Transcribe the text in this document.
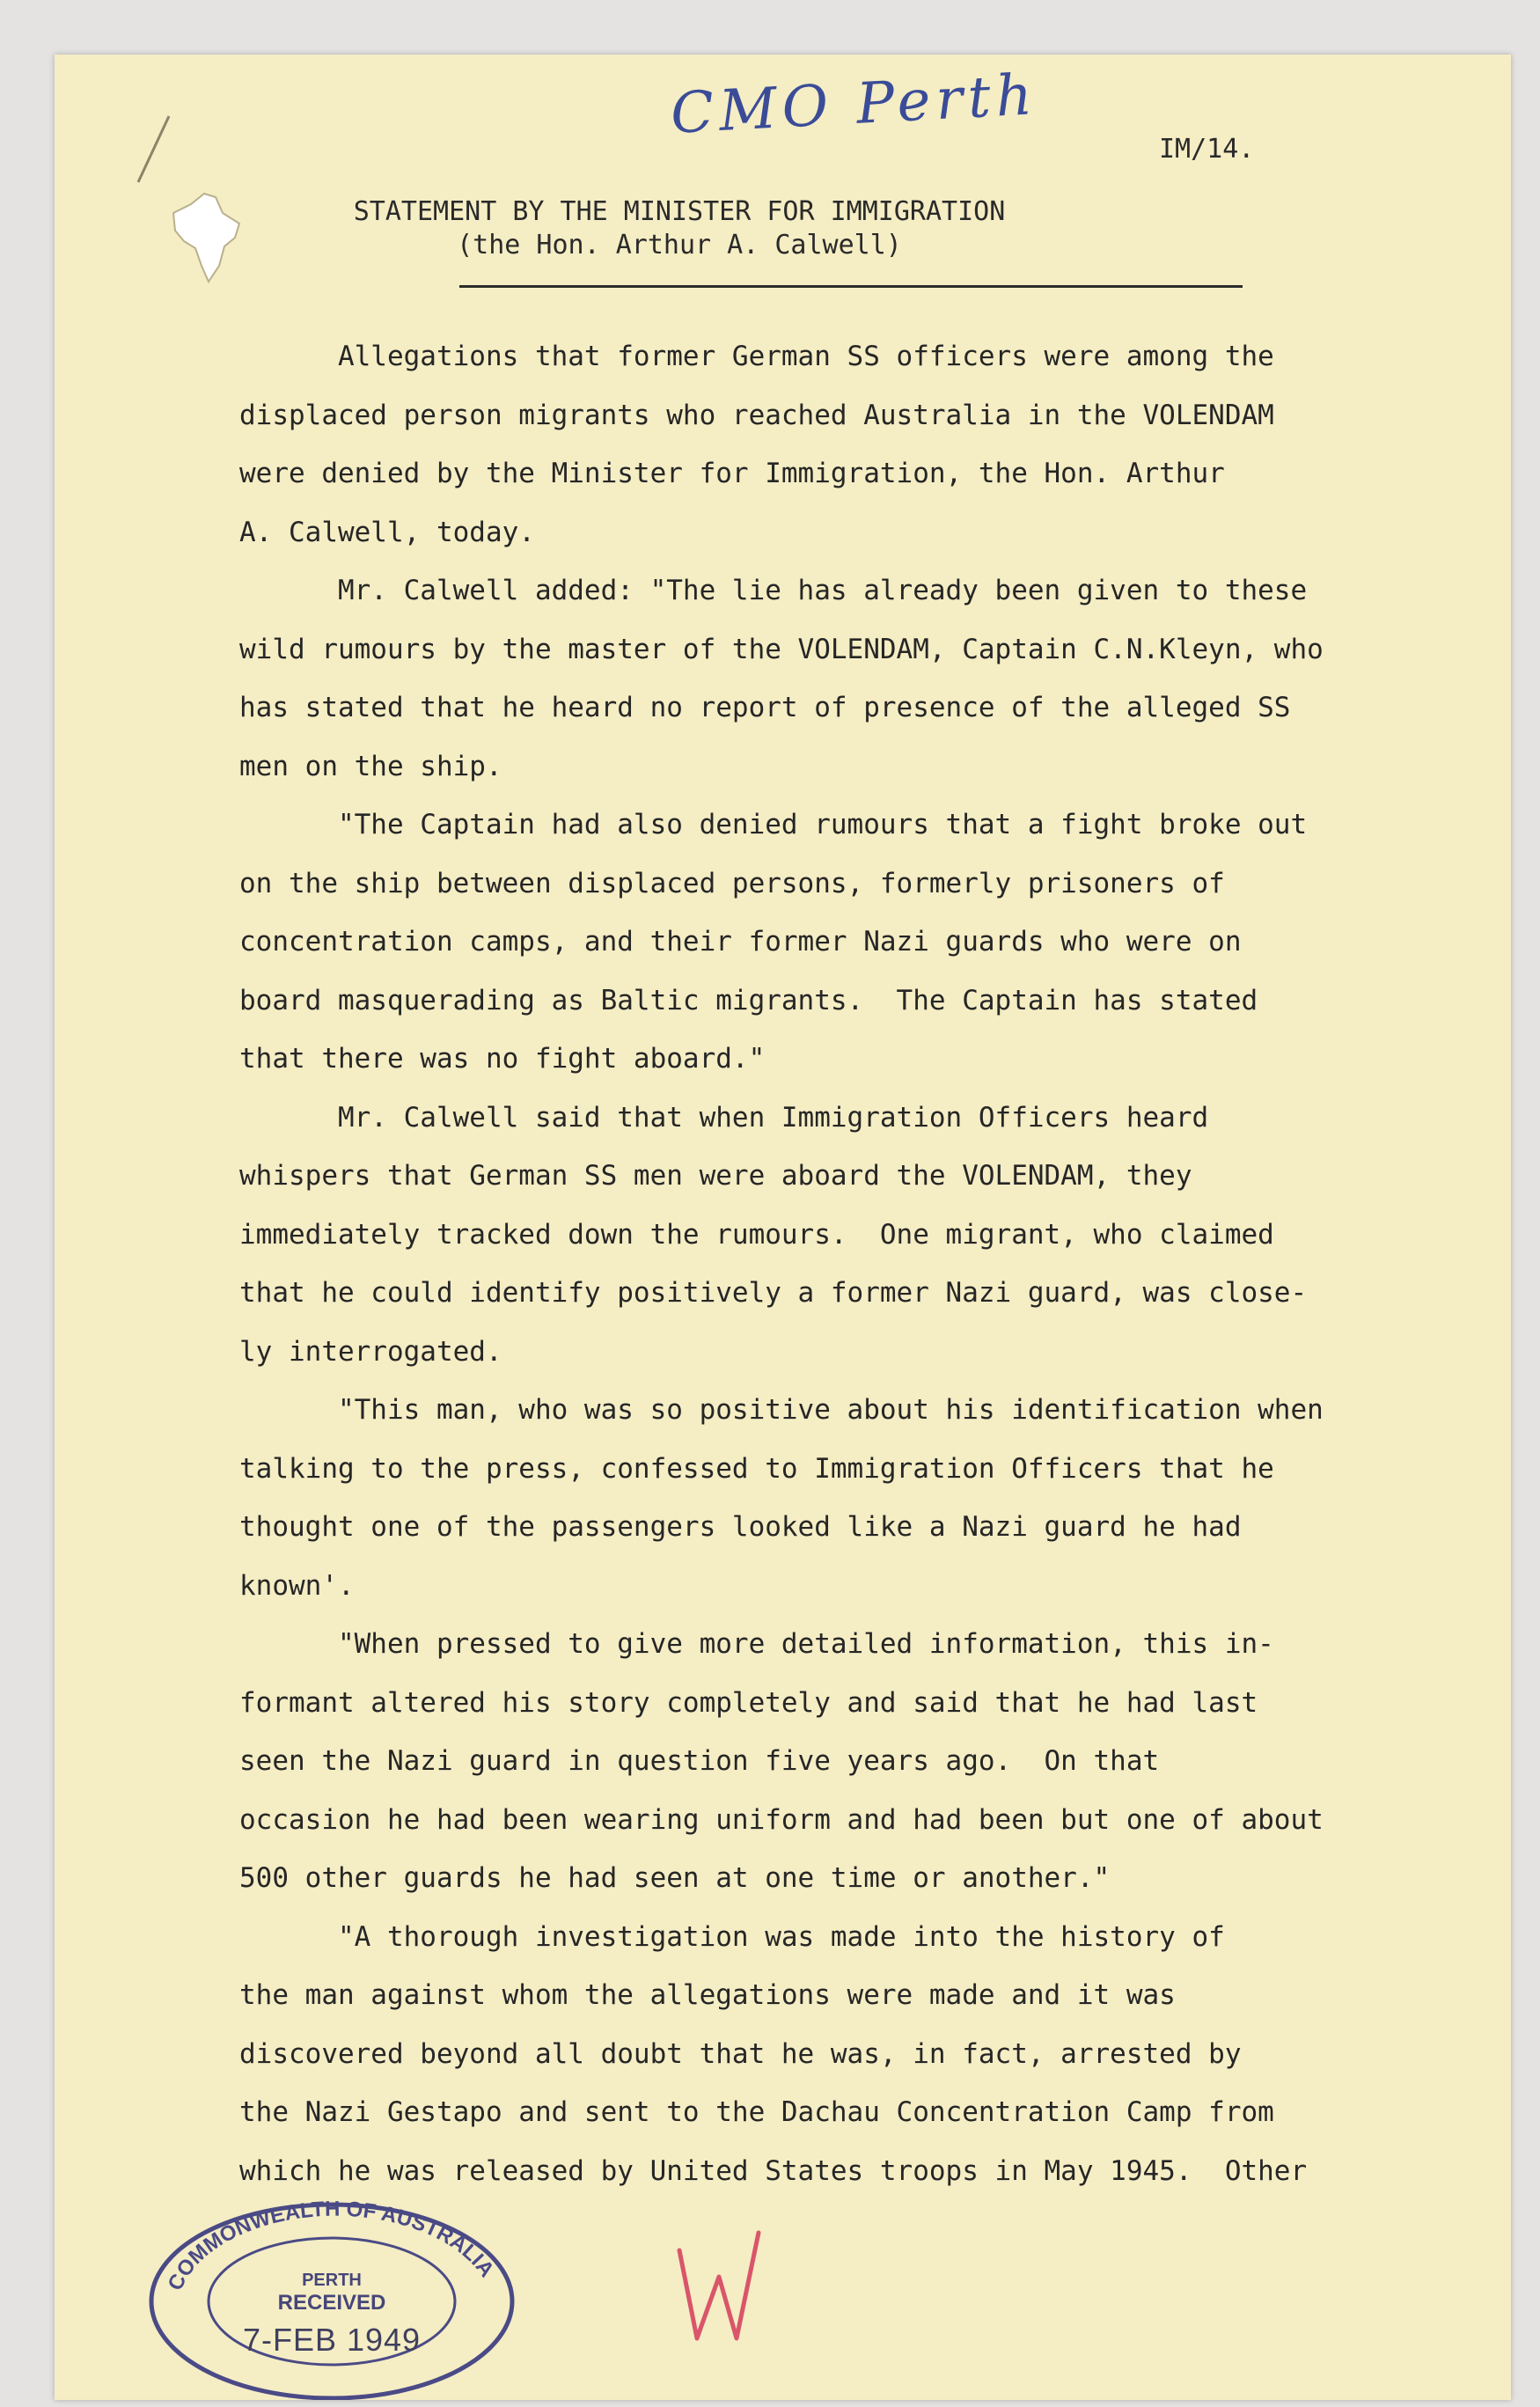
CMO Perth
IM/14.
STATEMENT BY THE MINISTER FOR IMMIGRATION
(the Hon. Arthur A. Calwell)
Allegations that former German SS officers were among the
displaced person migrants who reached Australia in the VOLENDAM
were denied by the Minister for Immigration, the Hon. Arthur
A. Calwell, today.
Mr. Calwell added: "The lie has already been given to these
wild rumours by the master of the VOLENDAM, Captain C.N.Kleyn, who
has stated that he heard no report of presence of the alleged SS
men on the ship.
"The Captain had also denied rumours that a fight broke out
on the ship between displaced persons, formerly prisoners of
concentration camps, and their former Nazi guards who were on
board masquerading as Baltic migrants.  The Captain has stated
that there was no fight aboard."
Mr. Calwell said that when Immigration Officers heard
whispers that German SS men were aboard the VOLENDAM, they
immediately tracked down the rumours.  One migrant, who claimed
that he could identify positively a former Nazi guard, was close-
ly interrogated.
"This man, who was so positive about his identification when
talking to the press, confessed to Immigration Officers that he
thought one of the passengers looked like a Nazi guard he had
known'.
"When pressed to give more detailed information, this in-
formant altered his story completely and said that he had last
seen the Nazi guard in question five years ago.  On that
occasion he had been wearing uniform and had been but one of about
500 other guards he had seen at one time or another."
"A thorough investigation was made into the history of
the man against whom the allegations were made and it was
discovered beyond all doubt that he was, in fact, arrested by
the Nazi Gestapo and sent to the Dachau Concentration Camp from
which he was released by United States troops in May 1945.  Other
COMMONWEALTH OF AUSTRALIA
PERTH
RECEIVED
7-FEB 1949
